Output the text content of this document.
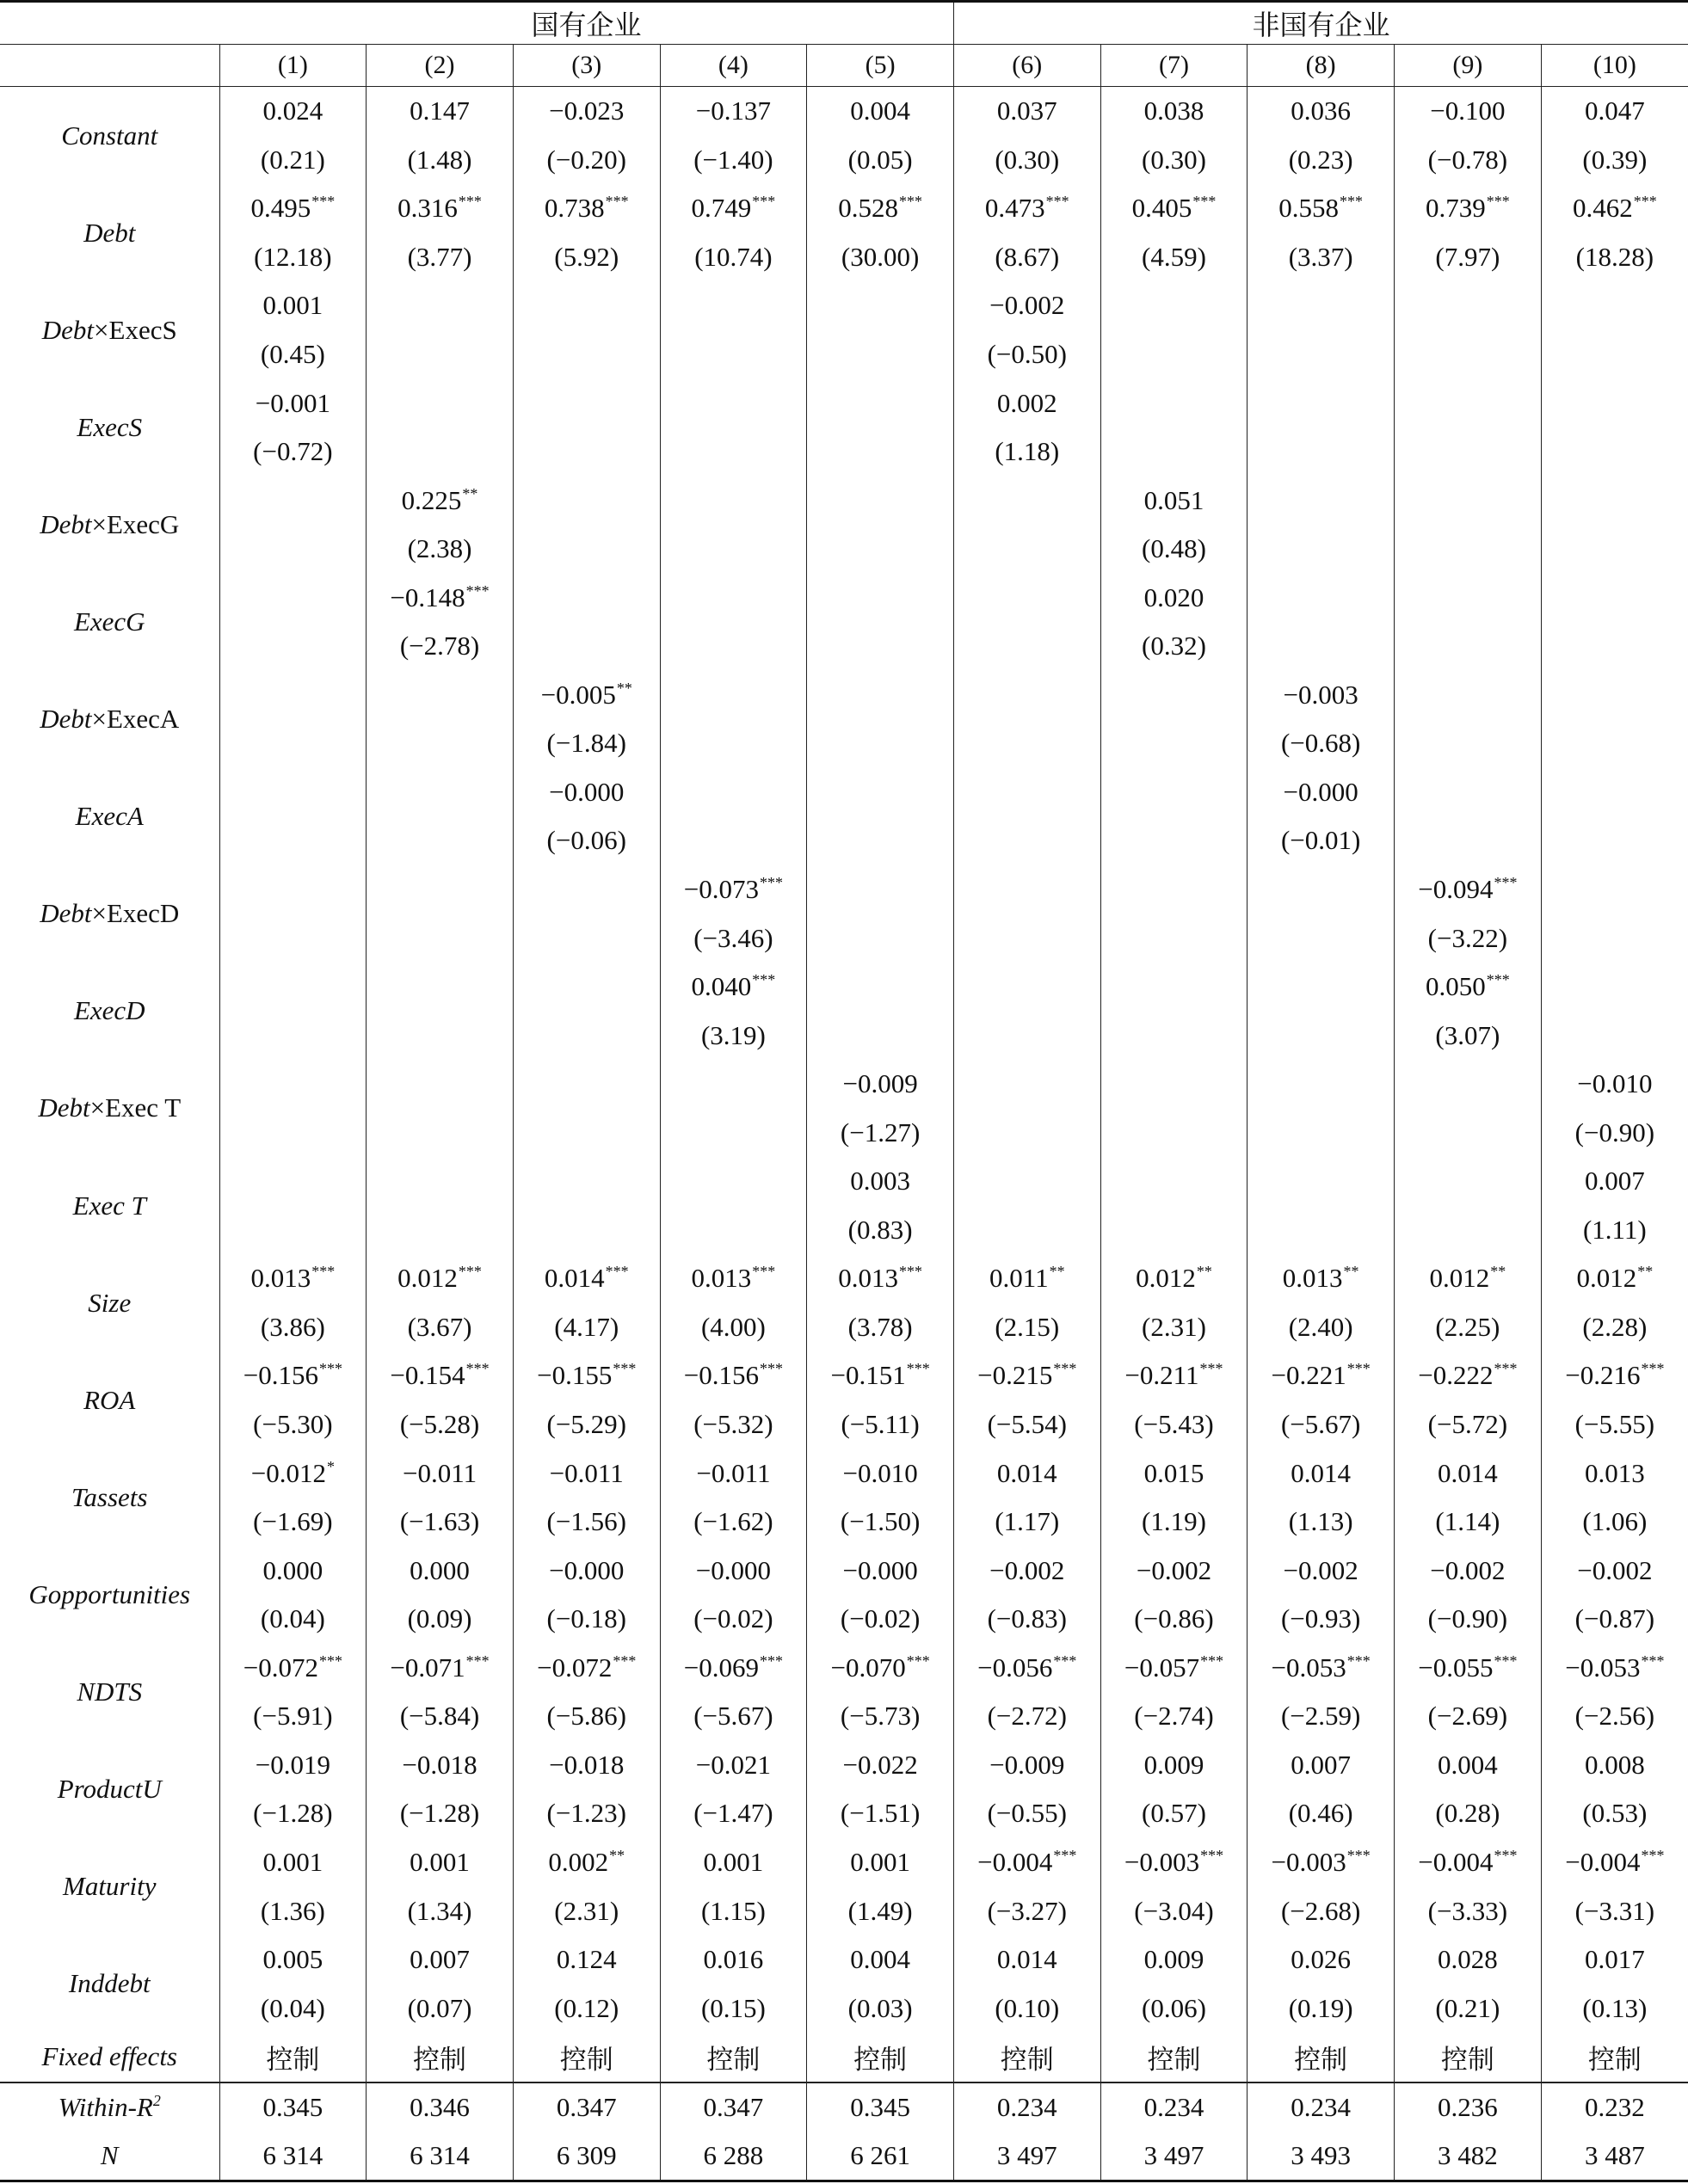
	国有企业					非国有企业				
	(1)	(2)	(3)	(4)	(5)	(6)	(7)	(8)	(9)	(10)
Constant	0.024	0.147	−0.023	−0.137	0.004	0.037	0.038	0.036	−0.100	0.047
	(0.21)	(1.48)	(−0.20)	(−1.40)	(0.05)	(0.30)	(0.30)	(0.23)	(−0.78)	(0.39)
Debt	0.495***	0.316***	0.738***	0.749***	0.528***	0.473***	0.405***	0.558***	0.739***	0.462***
	(12.18)	(3.77)	(5.92)	(10.74)	(30.00)	(8.67)	(4.59)	(3.37)	(7.97)	(18.28)
Debt×ExecS	0.001					−0.002				
	(0.45)					(−0.50)				
ExecS	−0.001					0.002				
	(−0.72)					(1.18)				
Debt×ExecG		0.225**					0.051			
		(2.38)					(0.48)			
ExecG		−0.148***					0.020			
		(−2.78)					(0.32)			
Debt×ExecA			−0.005**					−0.003		
			(−1.84)					(−0.68)		
ExecA			−0.000					−0.000		
			(−0.06)					(−0.01)		
Debt×ExecD				−0.073***					−0.094***	
				(−3.46)					(−3.22)	
ExecD				0.040***					0.050***	
				(3.19)					(3.07)	
Debt×Exec T					−0.009					−0.010
					(−1.27)					(−0.90)
Exec T					0.003					0.007
					(0.83)					(1.11)
Size	0.013***	0.012***	0.014***	0.013***	0.013***	0.011**	0.012**	0.013**	0.012**	0.012**
	(3.86)	(3.67)	(4.17)	(4.00)	(3.78)	(2.15)	(2.31)	(2.40)	(2.25)	(2.28)
ROA	−0.156***	−0.154***	−0.155***	−0.156***	−0.151***	−0.215***	−0.211***	−0.221***	−0.222***	−0.216***
	(−5.30)	(−5.28)	(−5.29)	(−5.32)	(−5.11)	(−5.54)	(−5.43)	(−5.67)	(−5.72)	(−5.55)
Tassets	−0.012*	−0.011	−0.011	−0.011	−0.010	0.014	0.015	0.014	0.014	0.013
	(−1.69)	(−1.63)	(−1.56)	(−1.62)	(−1.50)	(1.17)	(1.19)	(1.13)	(1.14)	(1.06)
Gopportunities	0.000	0.000	−0.000	−0.000	−0.000	−0.002	−0.002	−0.002	−0.002	−0.002
	(0.04)	(0.09)	(−0.18)	(−0.02)	(−0.02)	(−0.83)	(−0.86)	(−0.93)	(−0.90)	(−0.87)
NDTS	−0.072***	−0.071***	−0.072***	−0.069***	−0.070***	−0.056***	−0.057***	−0.053***	−0.055***	−0.053***
	(−5.91)	(−5.84)	(−5.86)	(−5.67)	(−5.73)	(−2.72)	(−2.74)	(−2.59)	(−2.69)	(−2.56)
ProductU	−0.019	−0.018	−0.018	−0.021	−0.022	−0.009	0.009	0.007	0.004	0.008
	(−1.28)	(−1.28)	(−1.23)	(−1.47)	(−1.51)	(−0.55)	(0.57)	(0.46)	(0.28)	(0.53)
Maturity	0.001	0.001	0.002**	0.001	0.001	−0.004***	−0.003***	−0.003***	−0.004***	−0.004***
	(1.36)	(1.34)	(2.31)	(1.15)	(1.49)	(−3.27)	(−3.04)	(−2.68)	(−3.33)	(−3.31)
Inddebt	0.005	0.007	0.124	0.016	0.004	0.014	0.009	0.026	0.028	0.017
	(0.04)	(0.07)	(0.12)	(0.15)	(0.03)	(0.10)	(0.06)	(0.19)	(0.21)	(0.13)
Fixed effects	控制	控制	控制	控制	控制	控制	控制	控制	控制	控制
Within-$R^2$	0.345	0.346	0.347	0.347	0.345	0.234	0.234	0.234	0.236	0.232
N	6 314	6 314	6 309	6 288	6 261	3 497	3 497	3 493	3 482	3 487
